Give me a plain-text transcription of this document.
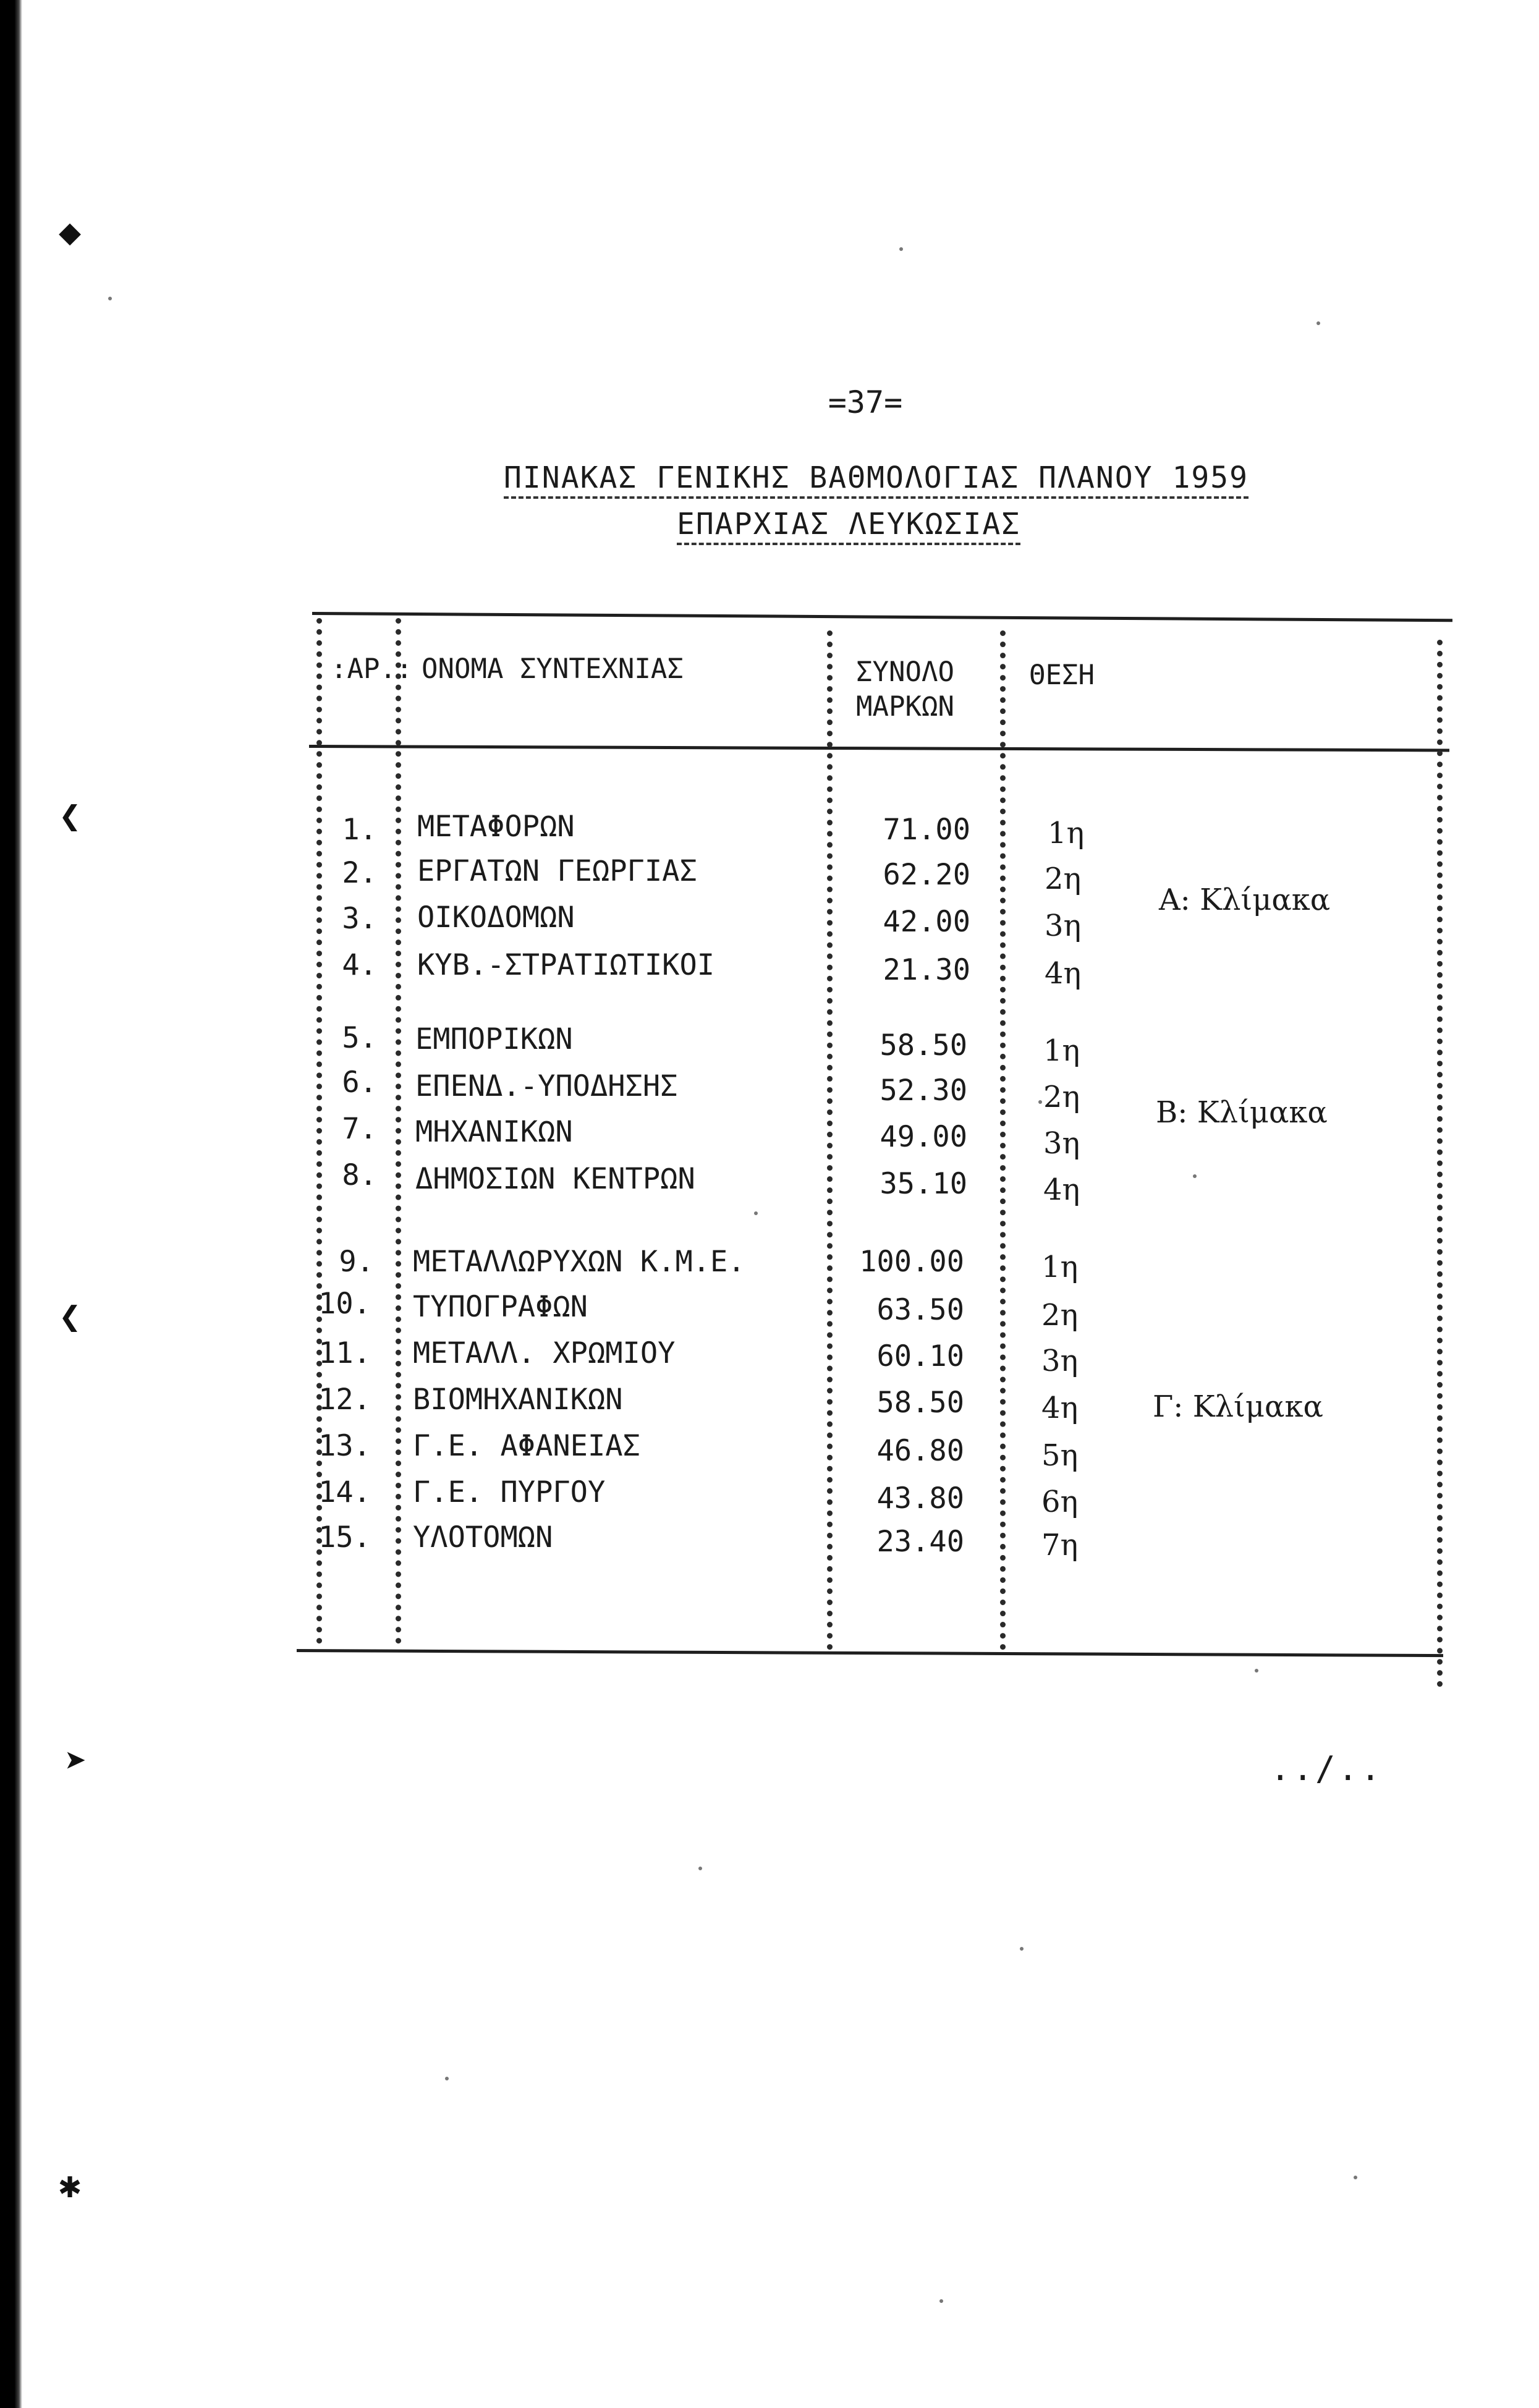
◆
❮
❮
➤
✱
=37=
ΠΙΝΑΚΑΣ ΓΕΝΙΚΗΣ ΒΑΘΜΟΛΟΓΙΑΣ ΠΛΑΝΟΥ 1959
ΕΠΑΡΧΙΑΣ ΛΕΥΚΩΣΙΑΣ
:ΑΡ.: ΟΝΟΜΑ ΣΥΝΤΕΧΝΙΑΣ	ΣΥΝΟΛΟ
ΜΑΡΚΩΝ
ΘΕΣΗ
1. ΜΕΤΑΦΟΡΩΝ	71.00	1η
2. ΕΡΓΑΤΩΝ ΓΕΩΡΓΙΑΣ	62.20	2η
3. ΟΙΚΟΔΟΜΩΝ	42.00	3η
4. ΚΥΒ.-ΣΤΡΑΤΙΩΤΙΚΟΙ	21.30	4η
Α: Κλίμακα
5. ΕΜΠΟΡΙΚΩΝ	58.50	1η
6. ΕΠΕΝΔ.-ΥΠΟΔΗΣΗΣ	52.30	2η
7. ΜΗΧΑΝΙΚΩΝ	49.00	3η
8. ΔΗΜΟΣΙΩΝ ΚΕΝΤΡΩΝ	35.10	4η
Β: Κλίμακα
9. ΜΕΤΑΛΛΩΡΥΧΩΝ Κ.Μ.Ε.	100.00	1η
10. ΤΥΠΟΓΡΑΦΩΝ	63.50	2η
11. ΜΕΤΑΛΛ. ΧΡΩΜΙΟΥ	60.10	3η
12. ΒΙΟΜΗΧΑΝΙΚΩΝ	58.50	4η
13. Γ.Ε. ΑΦΑΝΕΙΑΣ	46.80	5η
14. Γ.Ε. ΠΥΡΓΟΥ	43.80	6η
15. ΥΛΟΤΟΜΩΝ	23.40	7η
Γ: Κλίμακα
../..
